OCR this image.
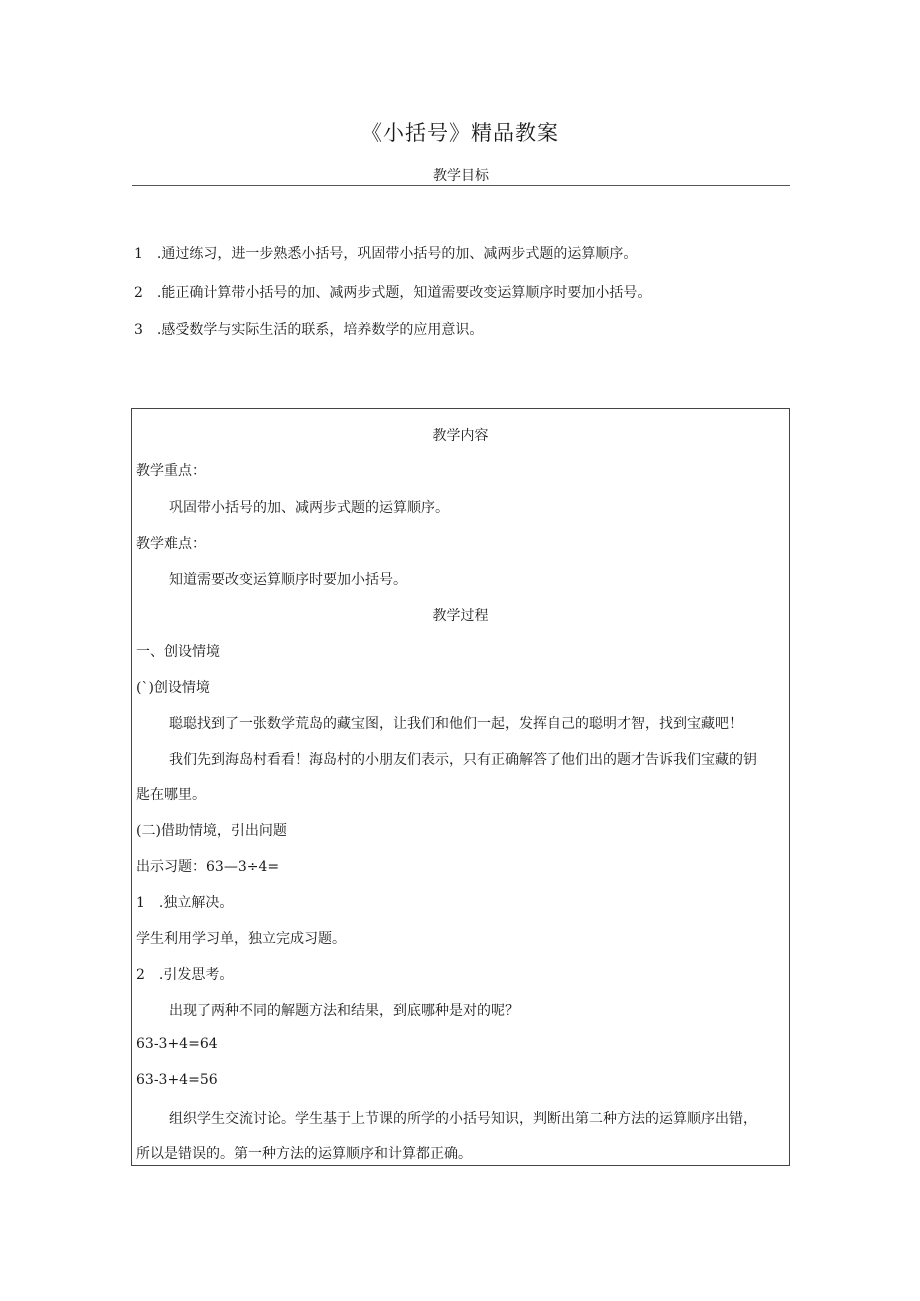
《小括号》精品教案
教学目标
1　.通过练习，进一步熟悉小括号，巩固带小括号的加、减两步式题的运算顺序。
2　.能正确计算带小括号的加、减两步式题，知道需要改变运算顺序时要加小括号。
3　.感受数学与实际生活的联系，培养数学的应用意识。
教学内容
教学重点：
巩固带小括号的加、减两步式题的运算顺序。
教学难点：
知道需要改变运算顺序时要加小括号。
教学过程
一、创设情境
(`)创设情境
聪聪找到了一张数学荒岛的藏宝图，让我们和他们一起，发挥自己的聪明才智，找到宝藏吧！
我们先到海岛村看看！海岛村的小朋友们表示，只有正确解答了他们出的题才告诉我们宝藏的钥
匙在哪里。
(二)借助情境，引出问题
出示习题：63—3÷4=
1　.独立解决。
学生利用学习单，独立完成习题。
2　.引发思考。
出现了两种不同的解题方法和结果，到底哪种是对的呢？
63-3+4=64
63-3+4=56
组织学生交流讨论。学生基于上节课的所学的小括号知识，判断出第二种方法的运算顺序出错，
所以是错误的。第一种方法的运算顺序和计算都正确。
